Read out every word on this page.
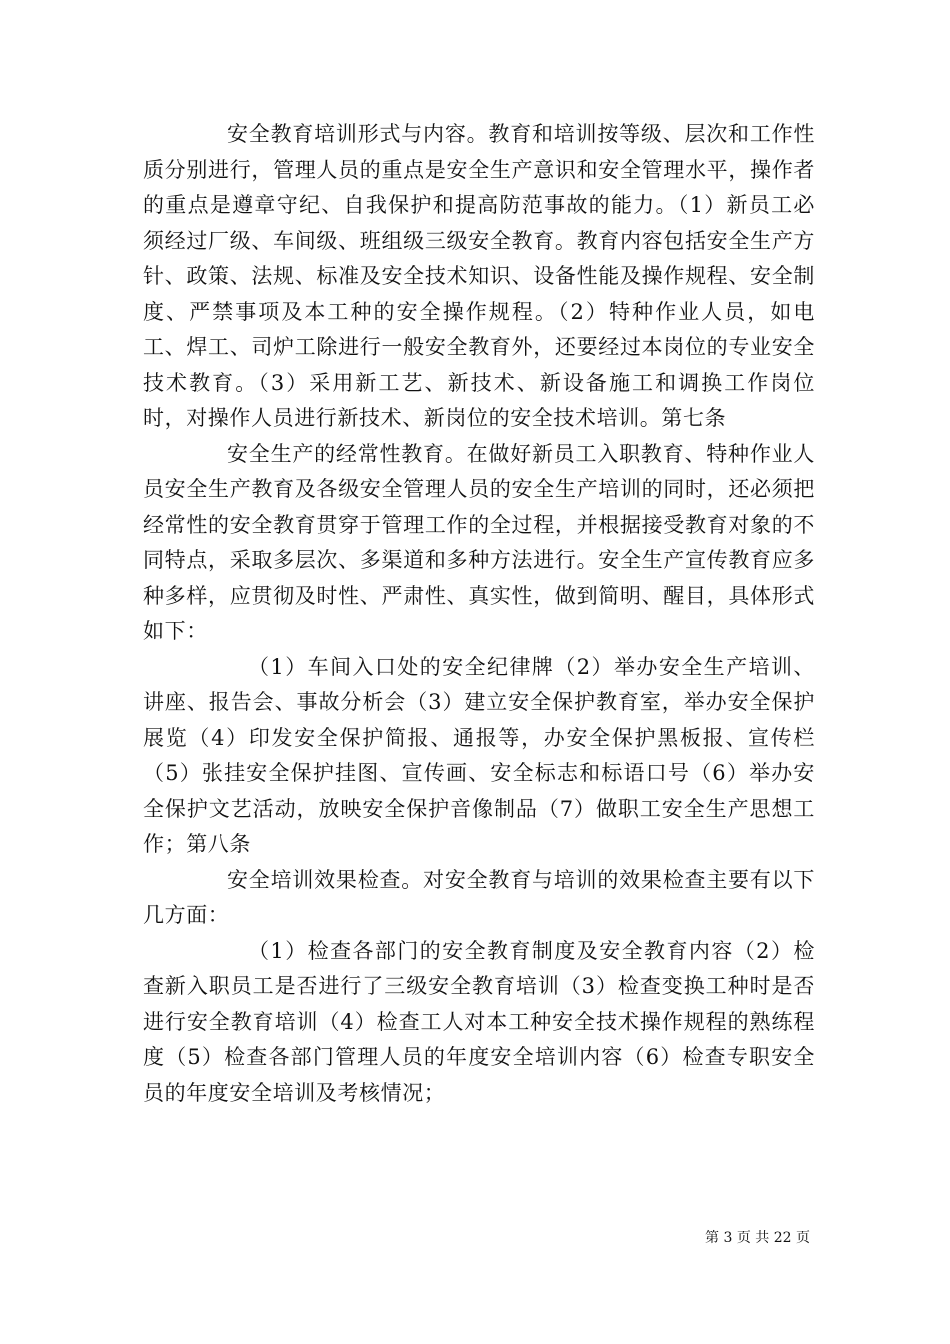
安全教育培训形式与内容。教育和培训按等级、层次和工作性质分别进行，管理人员的重点是安全生产意识和安全管理水平，操作者的重点是遵章守纪、自我保护和提高防范事故的能力。（1）新员工必须经过厂级、车间级、班组级三级安全教育。教育内容包括安全生产方针、政策、法规、标准及安全技术知识、设备性能及操作规程、安全制度、严禁事项及本工种的安全操作规程。（2）特种作业人员，如电工、焊工、司炉工除进行一般安全教育外，还要经过本岗位的专业安全技术教育。（3）采用新工艺、新技术、新设备施工和调换工作岗位时，对操作人员进行新技术、新岗位的安全技术培训。第七条

安全生产的经常性教育。在做好新员工入职教育、特种作业人员安全生产教育及各级安全管理人员的安全生产培训的同时，还必须把经常性的安全教育贯穿于管理工作的全过程，并根据接受教育对象的不同特点，采取多层次、多渠道和多种方法进行。安全生产宣传教育应多种多样，应贯彻及时性、严肃性、真实性，做到简明、醒目，具体形式如下：

（1）车间入口处的安全纪律牌（2）举办安全生产培训、讲座、报告会、事故分析会（3）建立安全保护教育室，举办安全保护展览（4）印发安全保护简报、通报等，办安全保护黑板报、宣传栏（5）张挂安全保护挂图、宣传画、安全标志和标语口号（6）举办安全保护文艺活动，放映安全保护音像制品（7）做职工安全生产思想工作；第八条

安全培训效果检查。对安全教育与培训的效果检查主要有以下几方面：

（1）检查各部门的安全教育制度及安全教育内容（2）检查新入职员工是否进行了三级安全教育培训（3）检查变换工种时是否进行安全教育培训（4）检查工人对本工种安全技术操作规程的熟练程度（5）检查各部门管理人员的年度安全培训内容（6）检查专职安全员的年度安全培训及考核情况；

第 3 页 共 22 页
